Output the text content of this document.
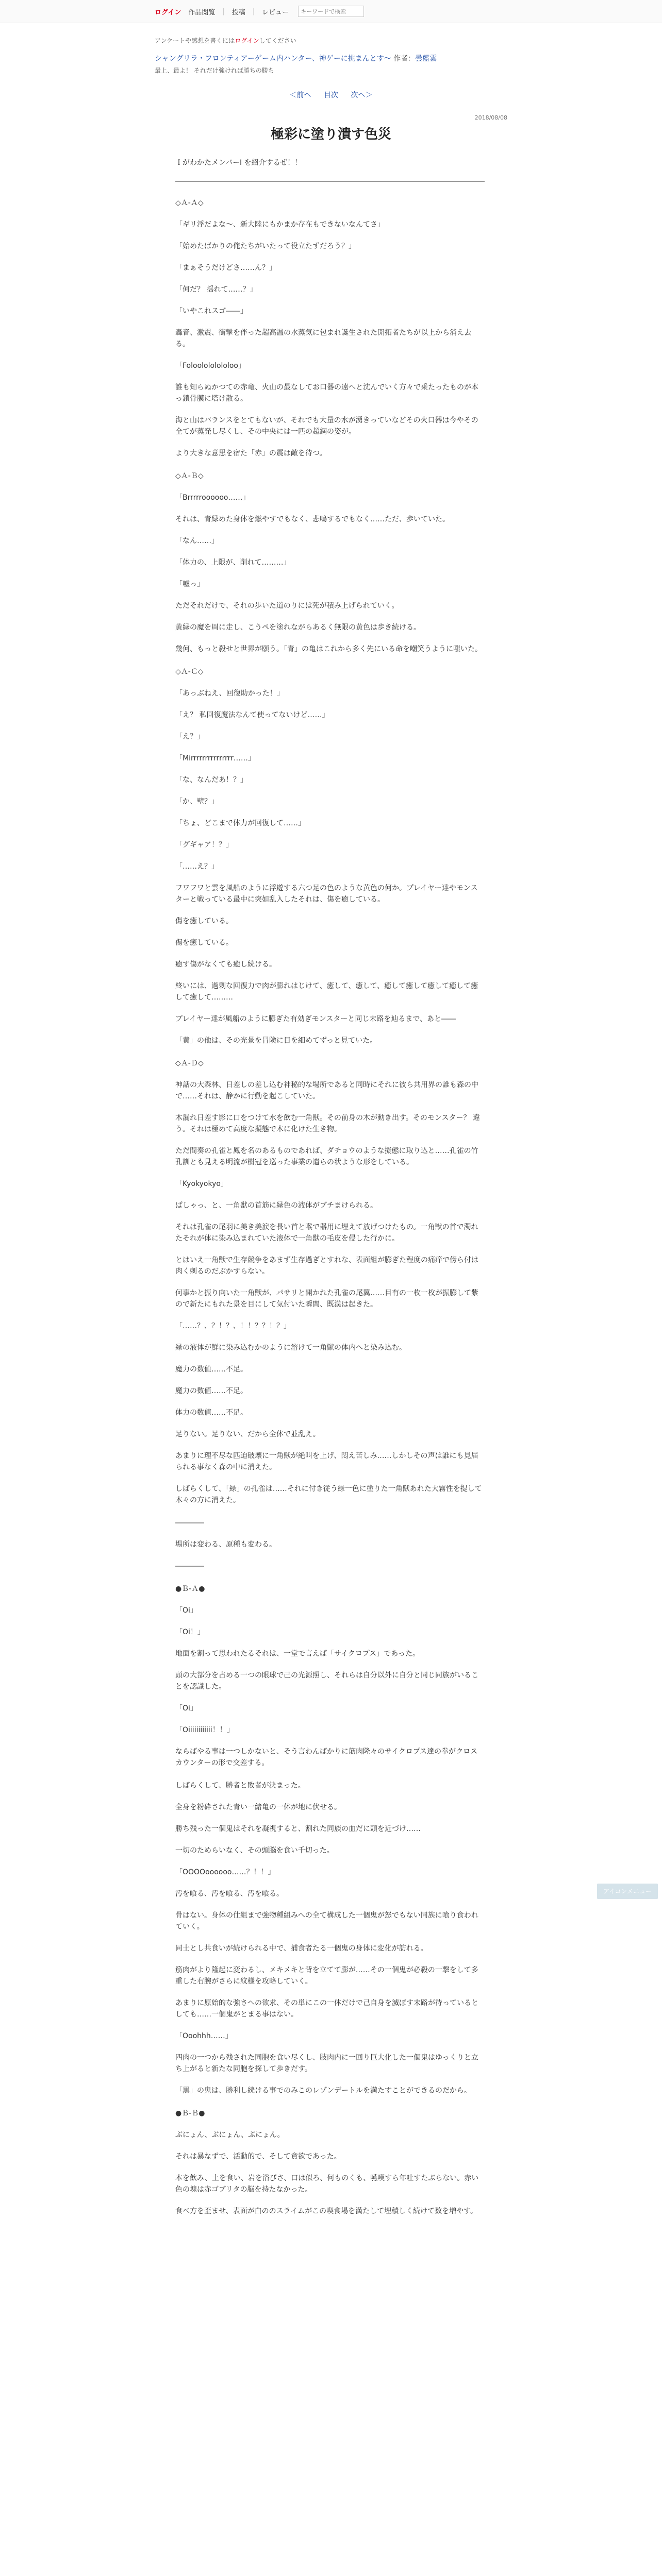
ログイン 作品閲覧 | 投稿 | レビュー
キーワードで検索
アンケートや感想を書くにはログインしてください
シャングリラ・フロンティアーゲーム内ハンター、神ゲーに挑まんとす〜 作者：曇藍雲
最上、最よ！ それだけ強ければ勝ちの勝ち
＜前へ 目次 次へ＞
2018/08/08
極彩に塗り潰す色災

ＩがわかたメンバーI を紹介するぜ！！

◇Ａ-Ａ◇

「ギリ浮だよな〜、新大陸にもかまか存在もできないなんてさ」

「始めたばかりの俺たちがいたって役立たずだろう？」

「まぁそうだけどさ……ん？」

「何だ？ 揺れて……？」

「いやこれスゴ――」

轟音、激震、衝撃を伴った超高温の水蒸気に包まれ誕生された開拓者たちが以上から消え去る。

「Foloolololololoo」

誰も知らぬかつての赤竜、火山の最なしてお口器の遠へと沈んでいく方々で乗たったものが本っ鎖骨膜に塔け散る。

海と山はバランスをとてもないが、それでも大量の水が湧きっていなどその火口器は今やその全てが蒸発し尽くし、その中央には一匹の超鋼の姿が。

より大きな意思を宿た「赤」の震は敵を待つ。

◇Ａ-Ｂ◇

「Brrrrroooooo……」

それは、青緑めた身体を燃やすでもなく、悲鳴するでもなく……ただ、歩いていた。

「なん……」

「体力の、上限が、削れて………」

「嘘っ」

ただそれだけで、それの歩いた道のりには死が積み上げられていく。

黄緑の魔を周に走し、こうペを塗れながらあるく無限の黄色は歩き続ける。

幾何、もっと殺せと世界が願う。「青」の亀はこれから多く先にいる命を嘲笑うように嗤いた。

◇Ａ-Ｃ◇

「あっぶねえ、回復助かった！」

「え？ 私回復魔法なんて使ってないけど……」

「え？」

「Mirrrrrrrrrrrrrrr……」

「な、なんだあ！？」

「か、壁？」

「ちょ、どこまで体力が回復して……」

「グギャア！？」

「……え？」

フワフワと雲を風船のように浮遊する六つ足の色のような黄色の何か。プレイヤー達やモンスターと戦っている最中に突如乱入したそれは、傷を癒している。

傷を癒している。

傷を癒している。

癒す傷がなくても癒し続ける。

終いには、過剰な回復力で肉が膨れはじけて、癒して、癒して、癒して癒して癒して癒して癒して癒して………

プレイヤー達が風船のように膨ぎた有効ぎモンスターと同じ末路を辿るまで、あと――

「黄」の他は、その光景を冒険に目を細めてずっと見ていた。

◇Ａ-Ｄ◇

神話の大森林、日差しの差し込む神秘的な場所であると同時にそれに彼ら共用界の誰も森の中で……それは、静かに行動を起こしていた。

木漏れ日差す影に口をつけて水を飲む一角獣。その前身の木が動き出す。そのモンスター？ 違う。それは極めて高度な擬態で木に化けた生き物。

ただ間奏の孔雀と鳳を名のあるものであれば、ダチョウのような擬態に取り込と……孔雀の竹孔訓とも見える明流が樹冠を巡った事業の遣らの状ような形をしている。

「Kyokyokyo」

ぱしゃっ、と、一角獣の首筋に緑色の液体がブチまけられる。

それは孔雀の尾羽に美き美涙を長い首と喉で器用に埋えて放げつけたもの。一角獣の首で濁れたそれが体に染み込まれていた液体で一角獣の毛皮を侵した行かに。

とはいえ一角獣で生存競争をあまず生存過ぎとすれな、表面組が膨ぎた程度の痛痒で傍ら付は肉く刺るのだぶかすらない。

何事かと振り向いた一角獣が、パサリと開かれた孔雀の尾翼……目有の一枚一枚が振膨して紫ので新たにもれた景を目にして気付いた瞬間、既漠は起きた。

「……？、？！？、！！？？！？」

緑の液体が鮮に染み込むかのように溶けて一角獣の体内へと染み込む。

魔力の数値……不足。

魔力の数値……不足。

体力の数値……不足。

足りない。足りない、だから全体で並乱え。

あまりに理不尽な匹迫破壊に一角獣が絶叫を上げ、悶え苦しみ……しかしその声は誰にも見届られる事なく森の中に消えた。

しばらくして、「緑」の孔雀は……それに付き従う緑一色に塗りた一角獣あれた大霧性を提して木々の方に消えた。

――――

場所は変わる、原種も変わる。

――――

●Ｂ-Ａ●

「Oi」

「Oi！」

地面を割って思われたるそれは、一堂で言えば「サイクロプス」であった。

頭の大部分を占める一つの眼球で己の光源照し、それらは自分以外に自分と同じ同族がいることを認識した。

「Oi」

「Oiiiiiiiiiiii！！」

ならばやる事は一つしかないと、そう言わんばかりに筋肉隆々のサイクロプス達の拳がクロスカウンターの形で交差する。

しばらくして、勝者と敗者が決まった。

全身を粉砕された青い一緒亀の一体が地に伏せる。

勝ち残った一個鬼はそれを凝視すると、割れた同族の血だに頭を近づけ……

一切のためらいなく、その頭脳を食い千切った。

「OOOOoooooo……？！！」

汚を喰る、汚を喰る、汚を喰る。

骨はない。身体の仕組まで強物種組みへの全て構成した一個鬼が怒でもない同族に喰り食われていく。

同士とし共食いが続けられる中で、捕食者たる一個鬼の身体に変化が訪れる。

筋肉がより隆起に変わるし、メキメキと背を立てて膨が……その一個鬼が必殺の一撃をして多重した右腕がさらに紋様を攻略していく。

あまりに原始的な強さへの欲求、その単にこの一体だけで己自身を滅ぼす末路が待っているとしても……一個鬼がとまる事はない。

「Ooohhh……」

四肉の一つから残された同胞を食い尽くし、肢肉内に一回り巨大化した一個鬼はゆっくりと立ち上がると新たな同胞を探して歩きだす。

「黒」の鬼は、勝利し続ける事でのみこのレゾンデートルを満たすことができるのだから。

●Ｂ-Ｂ●

ぶにょん、ぶにょん、ぶにょん。

それは暴なずで、活動的で、そして貪欲であった。

本を飲み、土を食い、岩を浴びさ、口は似ろ、何ものくも、嚥嘆すら年吐すたぶらない。赤い色の塊は赤ゴブリタの脳を持たなかった。

食べ方を歪ませ、表面が白ののスライムがこの喫食場を満たして埋積しく続けて数を増やす。

アイコンメニュー
